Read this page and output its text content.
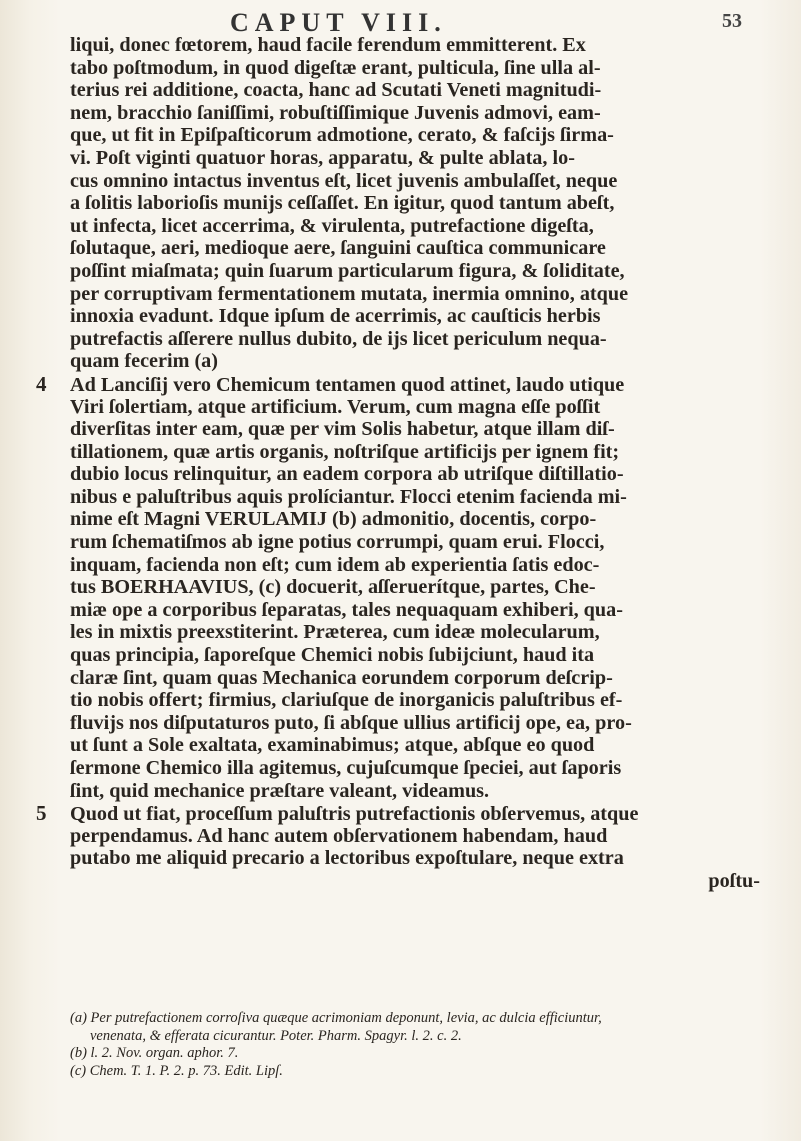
CAPUT VIII.	53
liqui, donec fœtorem, haud facile ferendum emmitterent. Ex
tabo poſtmodum, in quod digeſtæ erant, pulticula, ſine ulla al-
terius rei additione, coacta, hanc ad Scutati Veneti magnitudi-
nem, bracchio ſaniſſimi, robuſtiſſimique Juvenis admovi, eam-
que, ut fit in Epiſpaſticorum admotione, cerato, & faſcijs ſirma-
vi. Poſt viginti quatuor horas, apparatu, & pulte ablata, lo-
cus omnino intactus inventus eſt, licet juvenis ambulaſſet, neque
a ſolitis laborioſis munijs ceſſaſſet. En igitur, quod tantum abeſt,
ut infecta, licet accerrima, & virulenta, putrefactione digeſta,
ſolutaque, aeri, medioque aere, ſanguini cauſtica communicare
poſſint miaſmata; quin ſuarum particularum figura, & ſoliditate,
per corruptivam fermentationem mutata, inermia omnino, atque
innoxia evadunt. Idque ipſum de acerrimis, ac cauſticis herbis
putrefactis aſſerere nullus dubito, de ijs licet periculum nequa-
quam fecerim (a)
4 Ad Lanciſij vero Chemicum tentamen quod attinet, laudo utique
Viri ſolertiam, atque artificium. Verum, cum magna eſſe poſſit
diverſitas inter eam, quæ per vim Solis habetur, atque illam diſ-
tillationem, quæ artis organis, noſtriſque artificijs per ignem fit;
dubio locus relinquitur, an eadem corpora ab utriſque diſtillatio-
nibus e paluſtribus aquis prolíciantur. Flocci etenim facienda mi-
nime eſt Magni VERULAMIJ (b) admonitio, docentis, corpo-
rum ſchematiſmos ab igne potius corrumpi, quam erui. Flocci,
inquam, facienda non eſt; cum idem ab experientia ſatis edoc-
tus BOERHAAVIUS, (c) docuerit, aſſeruerítque, partes, Che-
miæ ope a corporibus ſeparatas, tales nequaquam exhiberi, qua-
les in mixtis preexstiterint. Præterea, cum ideæ molecularum,
quas principia, ſaporeſque Chemici nobis ſubijciunt, haud ita
claræ ſint, quam quas Mechanica eorundem corporum deſcrip-
tio nobis offert; firmius, clariuſque de inorganicis paluſtribus ef-
fluvijs nos diſputaturos puto, ſi abſque ullius artificij ope, ea, pro-
ut ſunt a Sole exaltata, examinabimus; atque, abſque eo quod
ſermone Chemico illa agitemus, cujuſcumque ſpeciei, aut ſaporis
ſint, quid mechanice præſtare valeant, videamus.
5 Quod ut fiat, proceſſum paluſtris putrefactionis obſervemus, atque
perpendamus. Ad hanc autem obſervationem habendam, haud
putabo me aliquid precario a lectoribus expoſtulare, neque extra
poſtu-
(a) Per putrefactionem corroſiva quæque acrimoniam deponunt, levia, ac dulcia efficiuntur,
venenata, & efferata cicurantur. Poter. Pharm. Spagyr. l. 2. c. 2.
(b) l. 2. Nov. organ. aphor. 7.
(c) Chem. T. 1. P. 2. p. 73. Edit. Lipſ.
